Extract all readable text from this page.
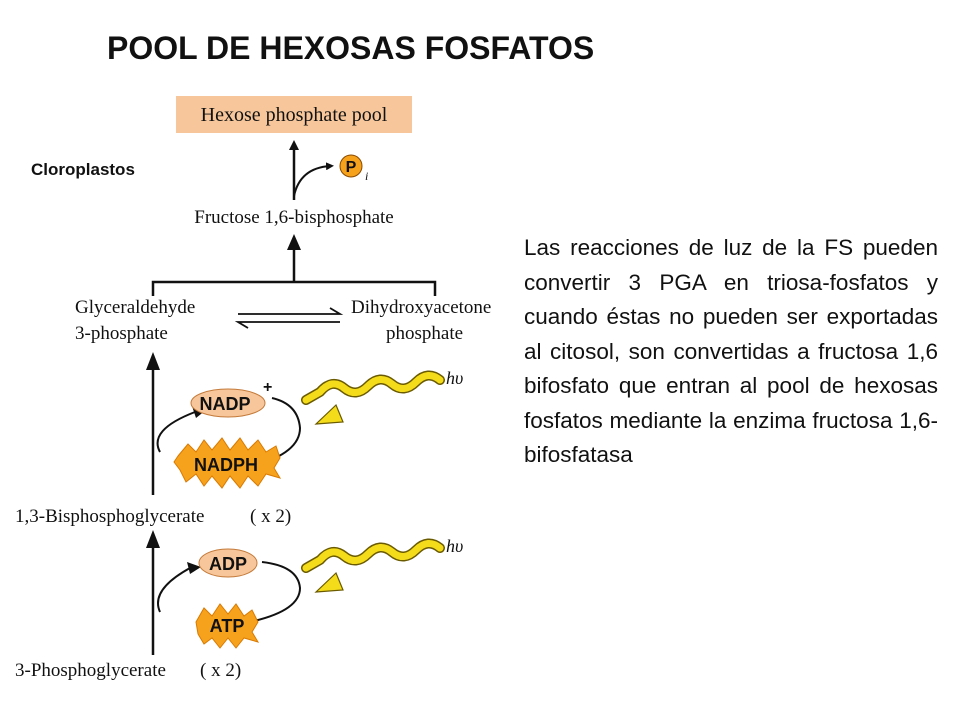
POOL DE HEXOSAS FOSFATOS
Cloroplastos
Las reacciones de luz de la FS pueden convertir 3 PGA en triosa-fosfatos y cuando éstas no pueden ser exportadas al citosol, son convertidas a fructosa 1,6 bifosfato que entran al pool de hexosas fosfatos mediante la enzima fructosa 1,6-bifosfatasa
Hexose phosphate pool
P i
Fructose 1,6-bisphosphate
Glyceraldehyde
3-phosphate
Dihydroxyacetone
phosphate
NADP
+
NADPH
hυ
1,3-Bisphosphoglycerate ( x 2)
ADP
ATP
hυ
3-Phosphoglycerate ( x 2)
